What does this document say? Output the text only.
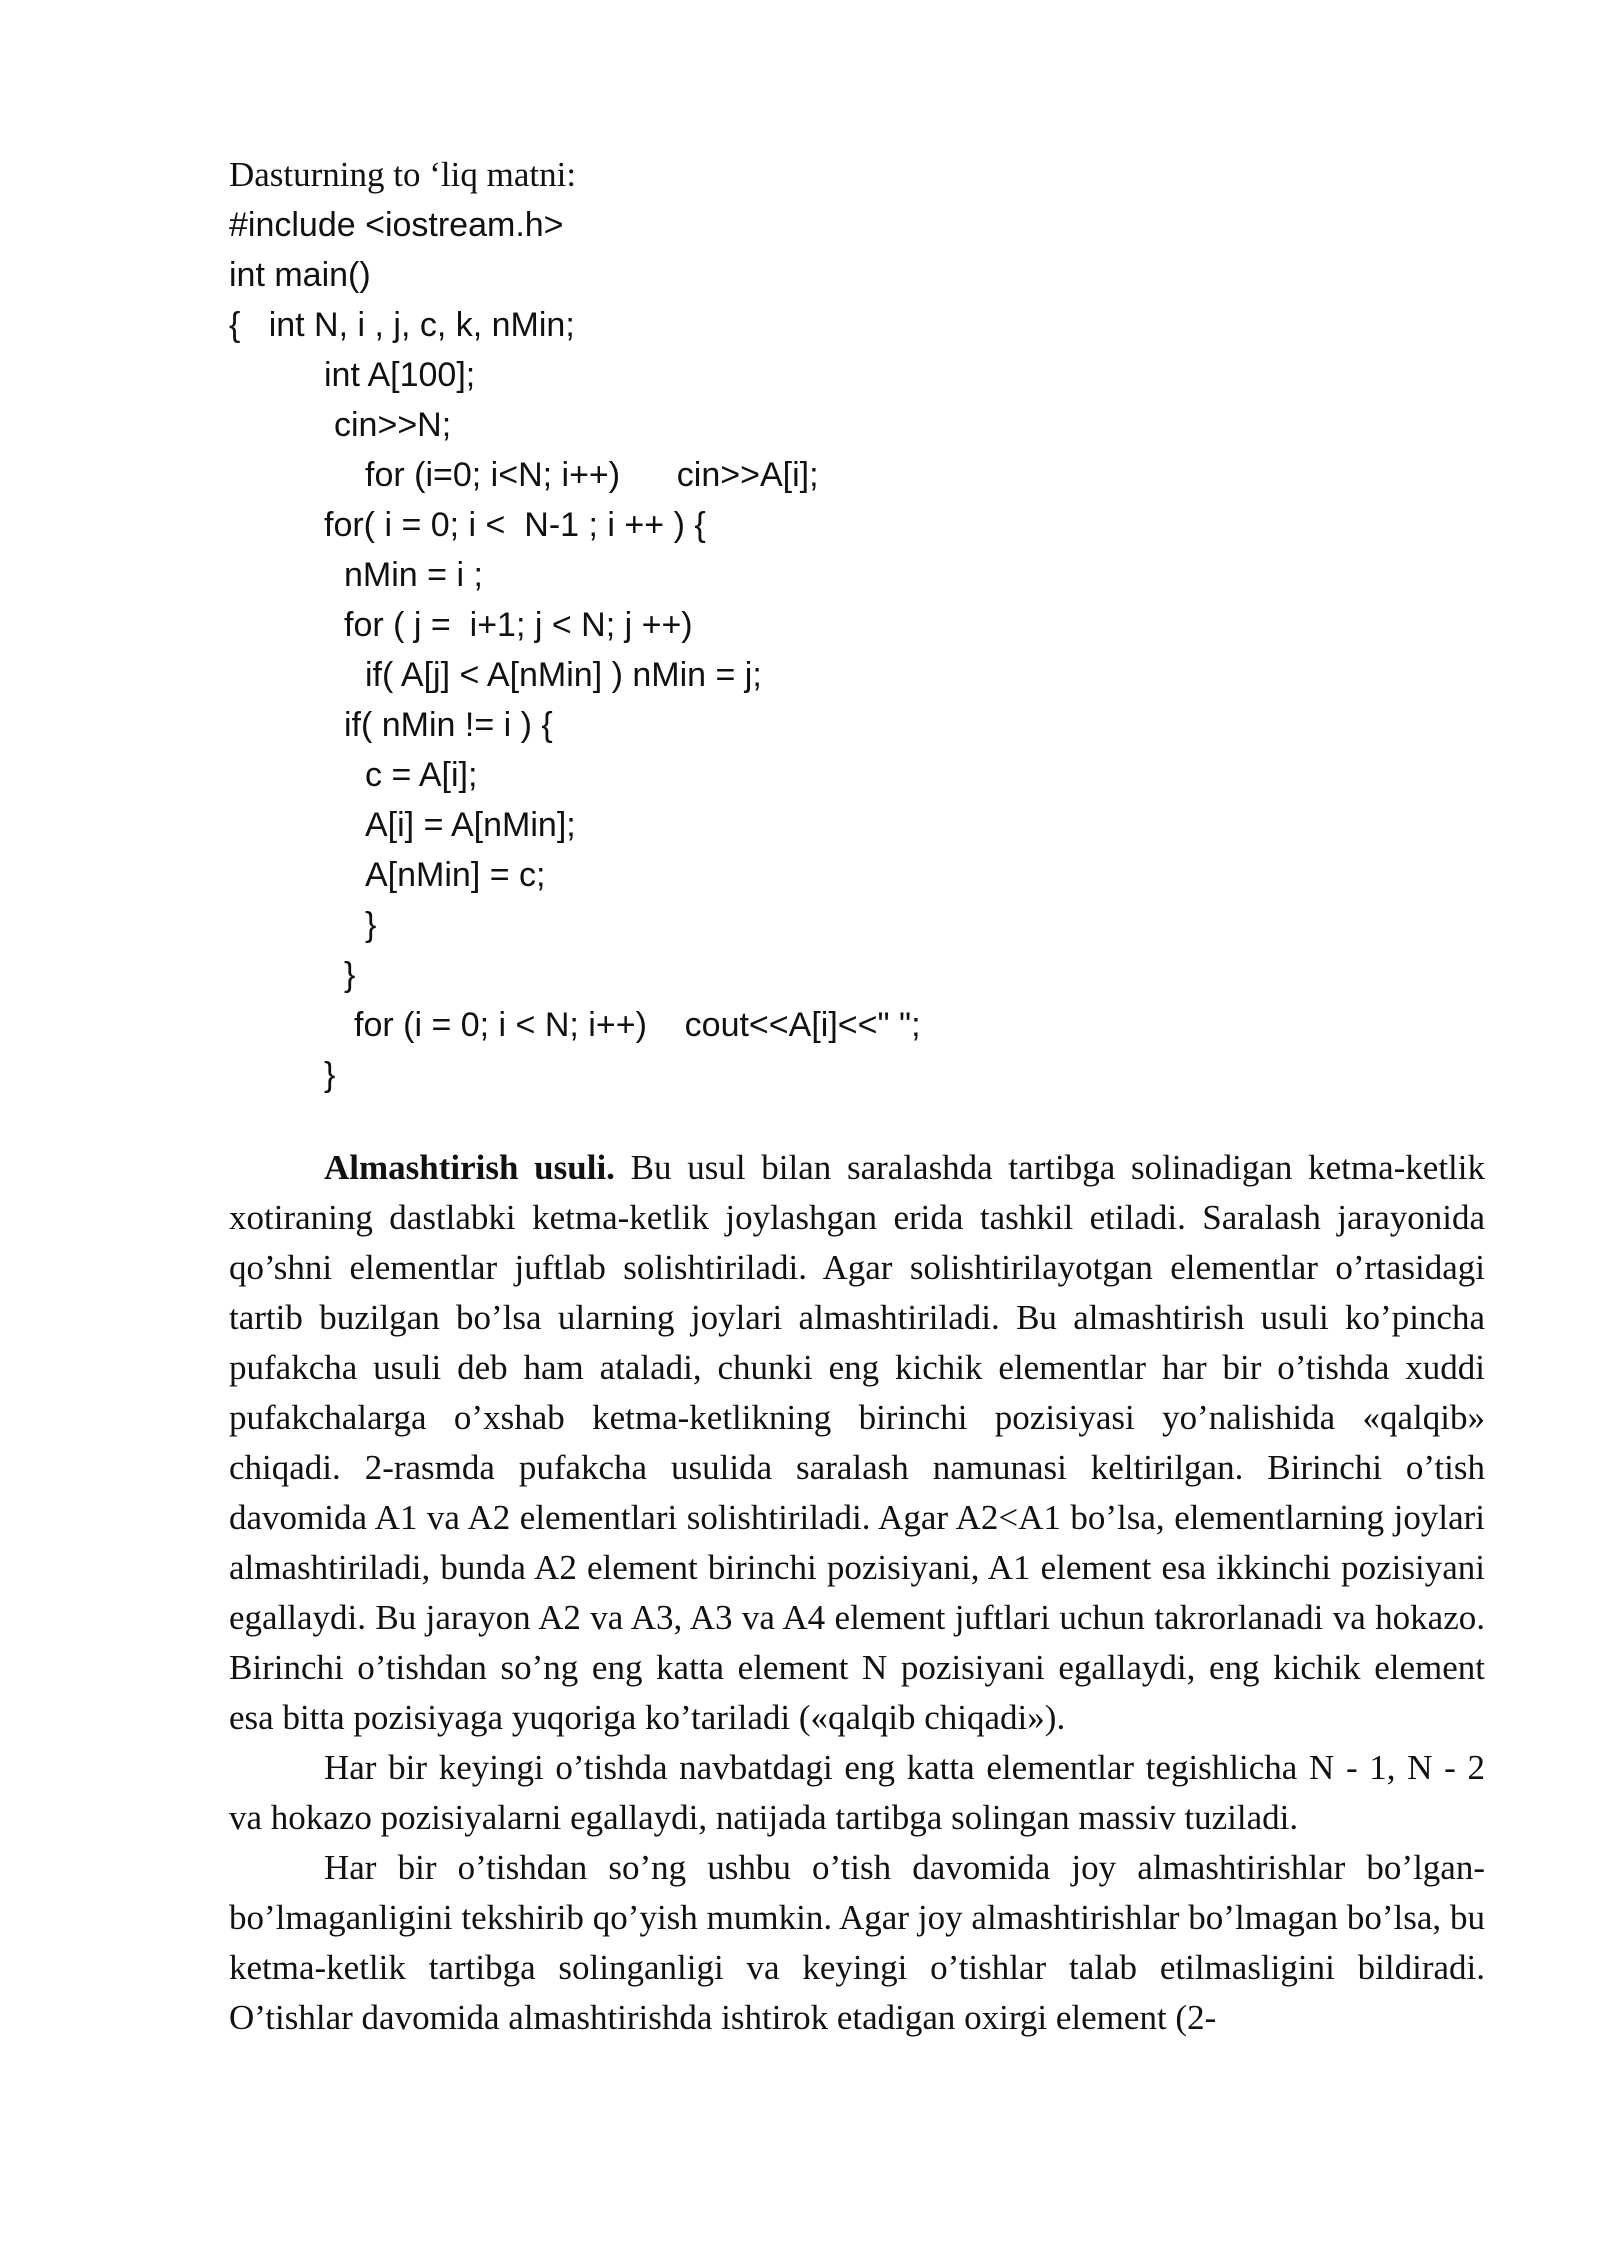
Dasturning to ‘liq matni:
#include <iostream.h>
int main()
{   int N, i , j, c, k, nMin;
int A[100];
cin>>N;
for (i=0; i<N; i++)      cin>>A[i];
for( i = 0; i <  N-1 ; i ++ ) {
nMin = i ;
for ( j =  i+1; j < N; j ++)
if( A[j] < A[nMin] ) nMin = j;
if( nMin != i ) {
c = A[i];
A[i] = A[nMin];
A[nMin] = c;
}
}
for (i = 0; i < N; i++)    cout<<A[i]<<" ";
}

Almashtirish usuli. Bu usul bilan saralashda tartibga solinadigan ketma-ketlik xotiraning dastlabki ketma-ketlik joylashgan erida tashkil etiladi. Saralash jarayonida qo’shni elementlar juftlab solishtiriladi. Agar solishtirilayotgan elementlar o’rtasidagi tartib buzilgan bo’lsa ularning joylari almashtiriladi. Bu almashtirish usuli ko’pincha pufakcha usuli deb ham ataladi, chunki eng kichik elementlar har bir o’tishda xuddi pufakchalarga o’xshab ketma-ketlikning birinchi pozisiyasi yo’nalishida «qalqib» chiqadi. 2-rasmda pufakcha usulida saralash namunasi keltirilgan. Birinchi o’tish davomida A1 va A2 elementlari solishtiriladi. Agar A2<A1 bo’lsa, elementlarning joylari almashtiriladi, bunda A2 element birinchi pozisiyani, A1 element esa ikkinchi pozisiyani egallaydi. Bu jarayon A2 va A3, A3 va A4 element juftlari uchun takrorlanadi va hokazo. Birinchi o’tishdan so’ng eng katta element N pozisiyani egallaydi, eng kichik element esa bitta pozisiyaga yuqoriga ko’tariladi («qalqib chiqadi»).

Har bir keyingi o’tishda navbatdagi eng katta elementlar tegishlicha N - 1, N - 2 va hokazo pozisiyalarni egallaydi, natijada tartibga solingan massiv tuziladi.

Har bir o’tishdan so’ng ushbu o’tish davomida joy almashtirishlar bo’lgan-bo’lmaganligini tekshirib qo’yish mumkin. Agar joy almashtirishlar bo’lmagan bo’lsa, bu ketma-ketlik tartibga solinganligi va keyingi o’tishlar talab etilmasligini bildiradi. O’tishlar davomida almashtirishda ishtirok etadigan oxirgi element (2-
